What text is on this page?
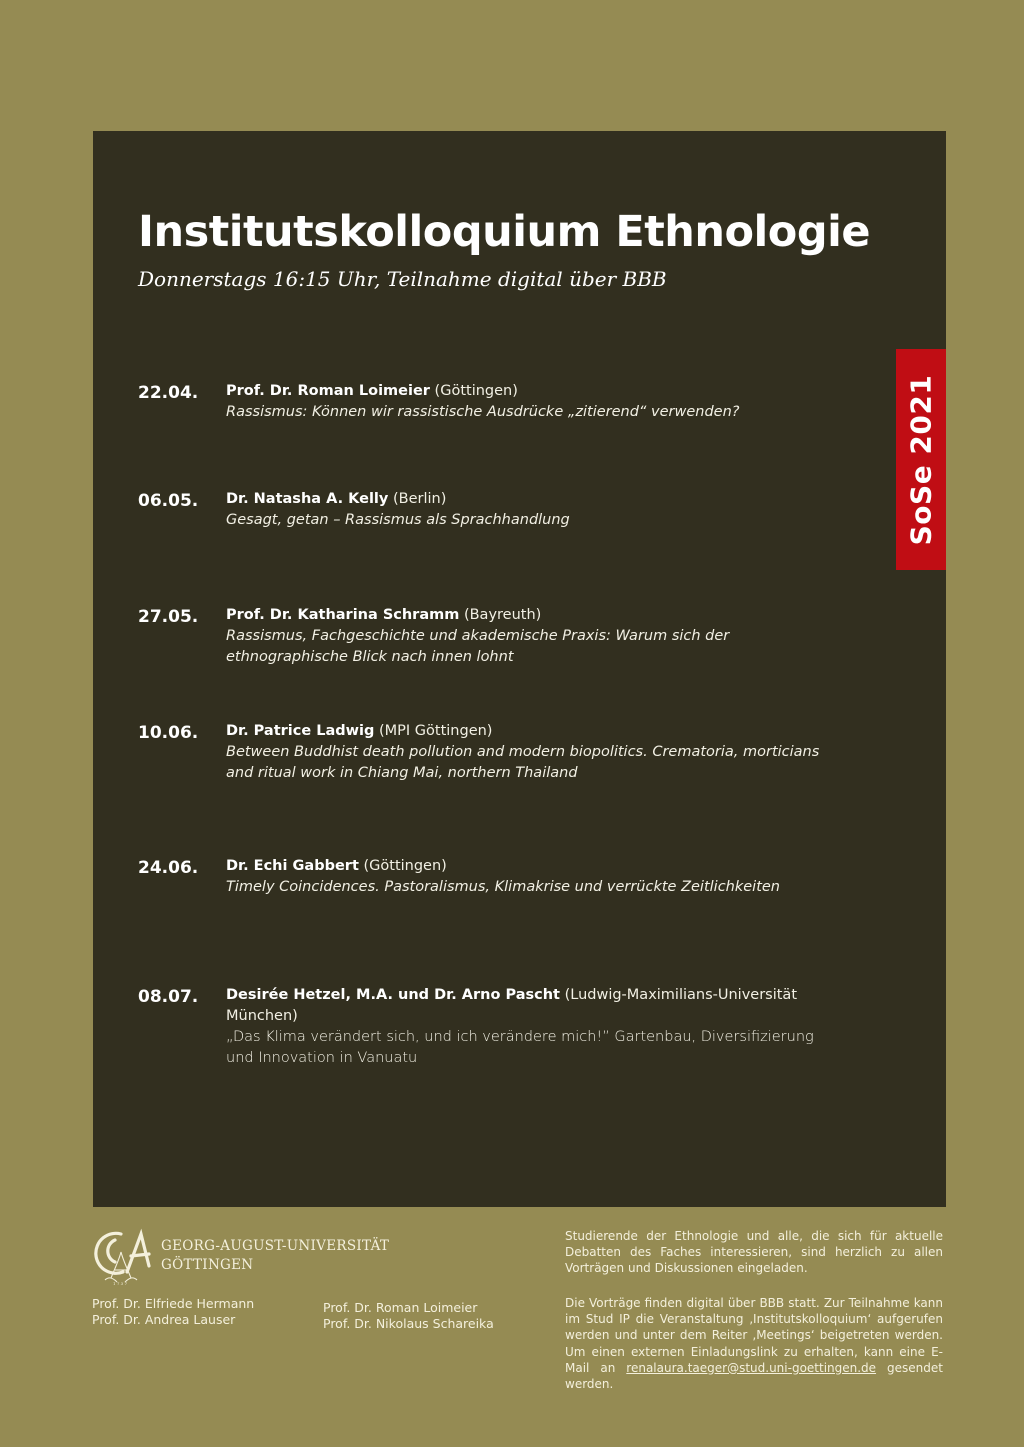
Institutskolloquium Ethnologie
Donnerstags 16:15 Uhr, Teilnahme digital über BBB
SoSe 2021
22.04. Prof. Dr. Roman Loimeier (Göttingen)
Rassismus: Können wir rassistische Ausdrücke „zitierend“ verwenden?
06.05. Dr. Natasha A. Kelly (Berlin)
Gesagt, getan – Rassismus als Sprachhandlung
27.05. Prof. Dr. Katharina Schramm (Bayreuth)
Rassismus, Fachgeschichte und akademische Praxis: Warum sich der ethnographische Blick nach innen lohnt
10.06. Dr. Patrice Ladwig (MPI Göttingen)
Between Buddhist death pollution and modern biopolitics. Crematoria, morticians and ritual work in Chiang Mai, northern Thailand
24.06. Dr. Echi Gabbert (Göttingen)
Timely Coincidences. Pastoralismus, Klimakrise und verrückte Zeitlichkeiten
08.07. Desirée Hetzel, M.A. und Dr. Arno Pascht (Ludwig-Maximilians-Universität München)
„Das Klima verändert sich, und ich verändere mich!” Gartenbau, Diversifizierung und Innovation in Vanuatu
1 7 3 7
GEORG-AUGUST-UNIVERSITÄT
GÖTTINGEN
Prof. Dr. Elfriede Hermann
Prof. Dr. Andrea Lauser
Prof. Dr. Roman Loimeier
Prof. Dr. Nikolaus Schareika
Studierende der Ethnologie und alle, die sich für aktuelle Debatten des Faches interessieren, sind herzlich zu allen Vorträgen und Diskussionen eingeladen.
Die Vorträge finden digital über BBB statt. Zur Teilnahme kann im Stud IP die Veranstaltung ‚Institutskolloquium‘ aufgerufen werden und unter dem Reiter ‚Meetings‘ beigetreten werden. Um einen externen Einladungslink zu erhalten, kann eine E-Mail an renalaura.taeger@stud.uni-goettingen.de gesendet werden.
